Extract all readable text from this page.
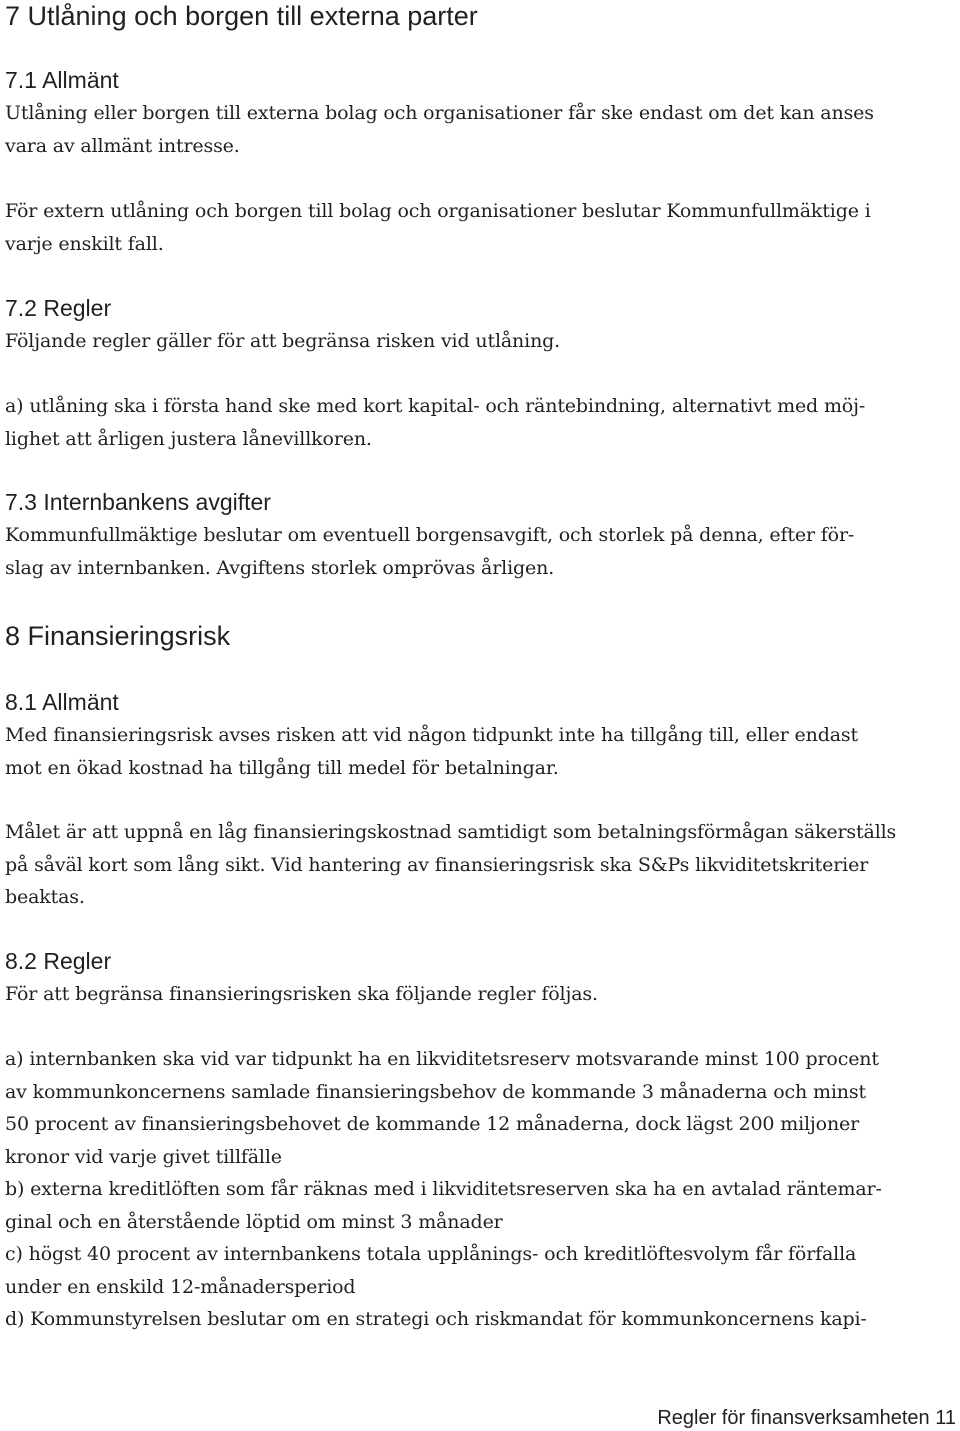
7 Utlåning och borgen till externa parter
7.1 Allmänt
Utlåning eller borgen till externa bolag och organisationer får ske endast om det kan anses
vara av allmänt intresse.
För extern utlåning och borgen till bolag och organisationer beslutar Kommunfullmäktige i
varje enskilt fall.
7.2 Regler
Följande regler gäller för att begränsa risken vid utlåning.
a) utlåning ska i första hand ske med kort kapital- och räntebindning, alternativt med möj-
lighet att årligen justera lånevillkoren.
7.3 Internbankens avgifter
Kommunfullmäktige beslutar om eventuell borgensavgift, och storlek på denna, efter för-
slag av internbanken. Avgiftens storlek omprövas årligen.
8 Finansieringsrisk
8.1 Allmänt
Med finansieringsrisk avses risken att vid någon tidpunkt inte ha tillgång till, eller endast
mot en ökad kostnad ha tillgång till medel för betalningar.
Målet är att uppnå en låg finansieringskostnad samtidigt som betalningsförmågan säkerställs
på såväl kort som lång sikt. Vid hantering av finansieringsrisk ska S&Ps likviditetskriterier
beaktas.
8.2 Regler
För att begränsa finansieringsrisken ska följande regler följas.
a) internbanken ska vid var tidpunkt ha en likviditetsreserv motsvarande minst 100 procent
av kommunkoncernens samlade finansieringsbehov de kommande 3 månaderna och minst
50 procent av finansieringsbehovet de kommande 12 månaderna, dock lägst 200 miljoner
kronor vid varje givet tillfälle
b) externa kreditlöften som får räknas med i likviditetsreserven ska ha en avtalad räntemar-
ginal och en återstående löptid om minst 3 månader
c) högst 40 procent av internbankens totala upplånings- och kreditlöftesvolym får förfalla
under en enskild 12-månadersperiod
d) Kommunstyrelsen beslutar om en strategi och riskmandat för kommunkoncernens kapi-
Regler för finansverksamheten 11
